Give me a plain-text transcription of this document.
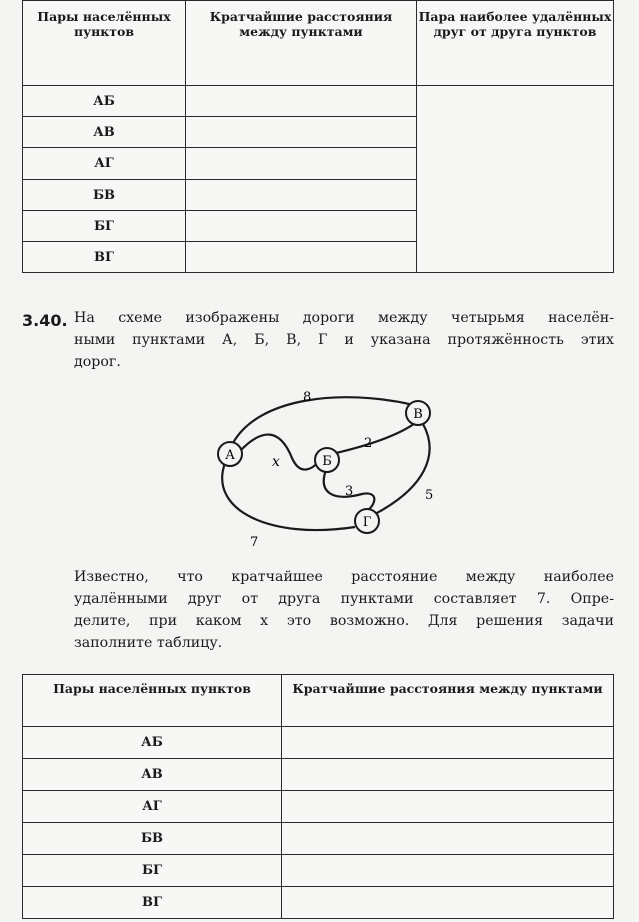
Пары населённых пунктов	Кратчайшие расстояния между пунктами	Пара наиболее удалённых друг от друга пунктов
АБ		
АВ		
АГ		
БВ		
БГ		
ВГ		
3.40. На схеме изображены дороги между четырьмя населён-
ными пунктами А, Б, В, Г и указана протяжённость этих
дорог.
А	Б
В
Г
8
x
2
3	5
7
Известно, что кратчайшее расстояние между наиболее
удалёнными друг от друга пунктами составляет 7. Опре-
делите, при каком x это возможно. Для решения задачи
заполните таблицу.
Пары населённых пунктов	Кратчайшие расстояния между пунктами
АБ	
АВ	
АГ	
БВ	
БГ	
ВГ	
